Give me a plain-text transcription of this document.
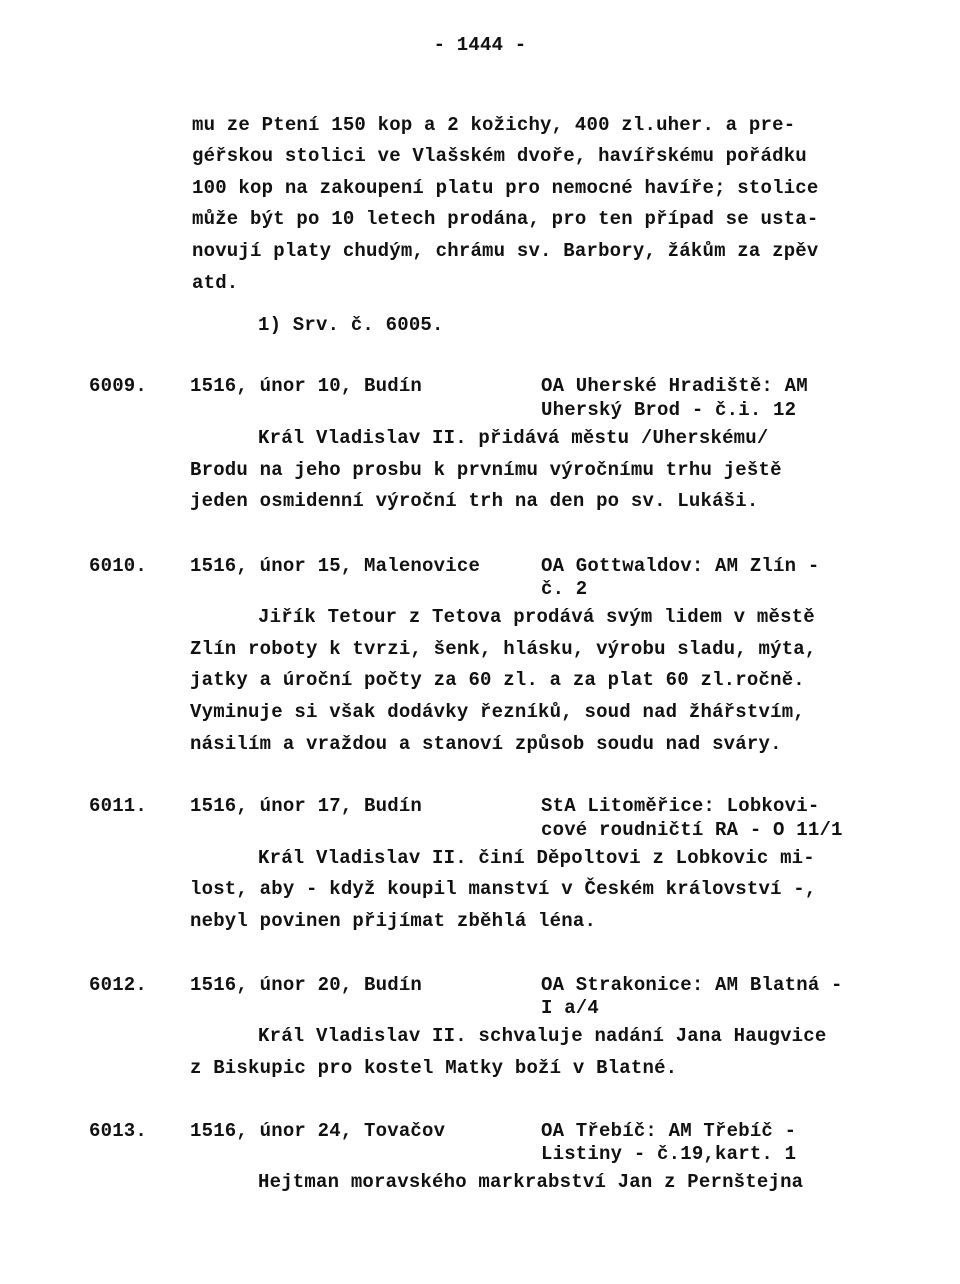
- 1444 -
mu ze Ptení 150 kop a 2 kožichy, 400 zl.uher. a pre-
géřskou stolici ve Vlašském dvoře, havířskému pořádku
100 kop na zakoupení platu pro nemocné havíře; stolice
může být po 10 letech prodána, pro ten případ se usta-
novují platy chudým, chrámu sv. Barbory, žákům za zpěv
atd.
1) Srv. č. 6005.
6009. 1516, únor 10, Budín	OA Uherské Hradiště: AM
Uherský Brod - č.i. 12
Král Vladislav II. přidává městu /Uherskému/
Brodu na jeho prosbu k prvnímu výročnímu trhu ještě
jeden osmidenní výroční trh na den po sv. Lukáši.
6010. 1516, únor 15, Malenovice	OA Gottwaldov: AM Zlín -
č. 2
Jiřík Tetour z Tetova prodává svým lidem v městě
Zlín roboty k tvrzi, šenk, hlásku, výrobu sladu, mýta,
jatky a úroční počty za 60 zl. a za plat 60 zl.ročně.
Vyminuje si však dodávky řezníků, soud nad žhářstvím,
násilím a vraždou a stanoví způsob soudu nad sváry.
6011. 1516, únor 17, Budín	StA Litoměřice: Lobkovi-
cové roudničtí RA - O 11/1
Král Vladislav II. činí Děpoltovi z Lobkovic mi-
lost, aby - když koupil manství v Českém království -,
nebyl povinen přijímat zběhlá léna.
6012. 1516, únor 20, Budín	OA Strakonice: AM Blatná -
I a/4
Král Vladislav II. schvaluje nadání Jana Haugvice
z Biskupic pro kostel Matky boží v Blatné.
6013. 1516, únor 24, Tovačov	OA Třebíč: AM Třebíč -
Listiny - č.19,kart. 1
Hejtman moravského markrabství Jan z Pernštejna
